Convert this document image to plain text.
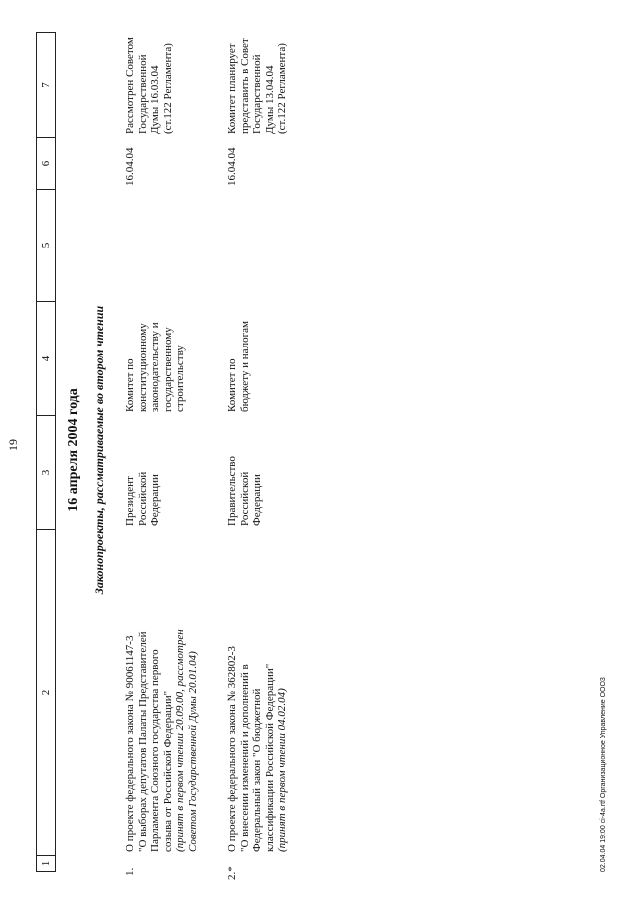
19
1
2
3
4
5
6
7
16 апреля 2004 года Законопроекты, рассматриваемые во втором чтении
1.
О проекте федерального закона № 90061147-3 "О выборах депутатов Палаты Представителей Парламента Союзного государства первого созыва от Российской Федерации" (принят в первом чтении 20.09.00, рассмотрен Советом Государственной Думы 20.01.04)
Президент Российской Федерации
Комитет по конституционному законодательству и государственному строительству
16.04.04
Рассмотрен Советом Государственной Думы 16.03.04 (ст.122 Регламента)
2.*
О проекте федерального закона № 362802-3 "О внесении изменений и дополнений в Федеральный закон "О бюджетной классификации Российской Федерации" (принят в первом чтении 04.02.04)
Правительство Российской Федерации
Комитет по бюджету и налогам
16.04.04
Комитет планирует представить в Совет Государственной Думы 13.04.04 (ст.122 Регламента)
02.04.04 19:00 ci-4a.rtf Организационное Управление ООО3
